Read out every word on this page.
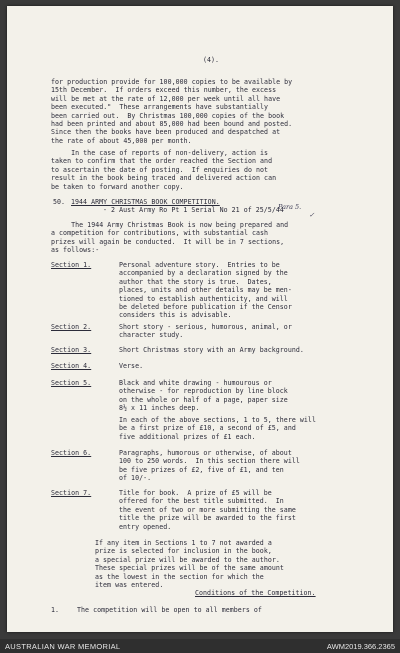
(4).
for production provide for 100,000 copies to be available by
15th December.  If orders exceed this number, the excess
will be met at the rate of 12,000 per week until all have
been executed."  These arrangements have substantially
been carried out.  By Christmas 100,000 copies of the book
had been printed and about 85,000 had been bound and posted.
Since then the books have been produced and despatched at
the rate of about 45,000 per month.
In the case of reports of non-delivery, action is
taken to confirm that the order reached the Section and
to ascertain the date of posting.  If enquiries do not
result in the book being traced and delivered action can
be taken to forward another copy.
50. 1944 ARMY CHRISTMAS BOOK COMPETITION.
- 2 Aust Army Ro Pt 1 Serial No 21 of 25/5/44
Para 5.
✓
The 1944 Army Christmas Book is now being prepared and
a competition for contributions, with substantial cash
prizes will again be conducted.  It will be in 7 sections,
as follows:-
Section 1.	Personal adventure story.  Entries to be
accompanied by a declaration signed by the
author that the story is true.  Dates,
places, units and other details may be men-
tioned to establish authenticity, and will
be deleted before publication if the Censor
considers this is advisable.
Section 2.	Short story - serious, humorous, animal, or
character study.
Section 3.	Short Christmas story with an Army background.
Section 4.	Verse.
Section 5.	Black and white drawing - humourous or
otherwise - for reproduction by line block
on the whole or half of a page, paper size
8½ x 11 inches deep.
Section 6.	Paragraphs, humorous or otherwise, of about
100 to 250 words.  In this section there will
be five prizes of £2, five of £1, and ten
of 10/-.
Section 7.	Title for book.  A prize of £5 will be
offered for the best title submitted.  In
the event of two or more submitting the same
title the prize will be awarded to the first
entry opened.
In each of the above sections, 1 to 5, there will
be a first prize of £10, a second of £5, and
five additional prizes of £1 each.
If any item in Sections 1 to 7 not awarded a
prize is selected for inclusion in the book,
a special prize will be awarded to the author.
These special prizes will be of the same amount
as the lowest in the section for which the
item was entered.
Conditions of the Competition.
1.	The competition will be open to all members of
AUSTRALIAN WAR MEMORIAL	AWM2019.366.2365
